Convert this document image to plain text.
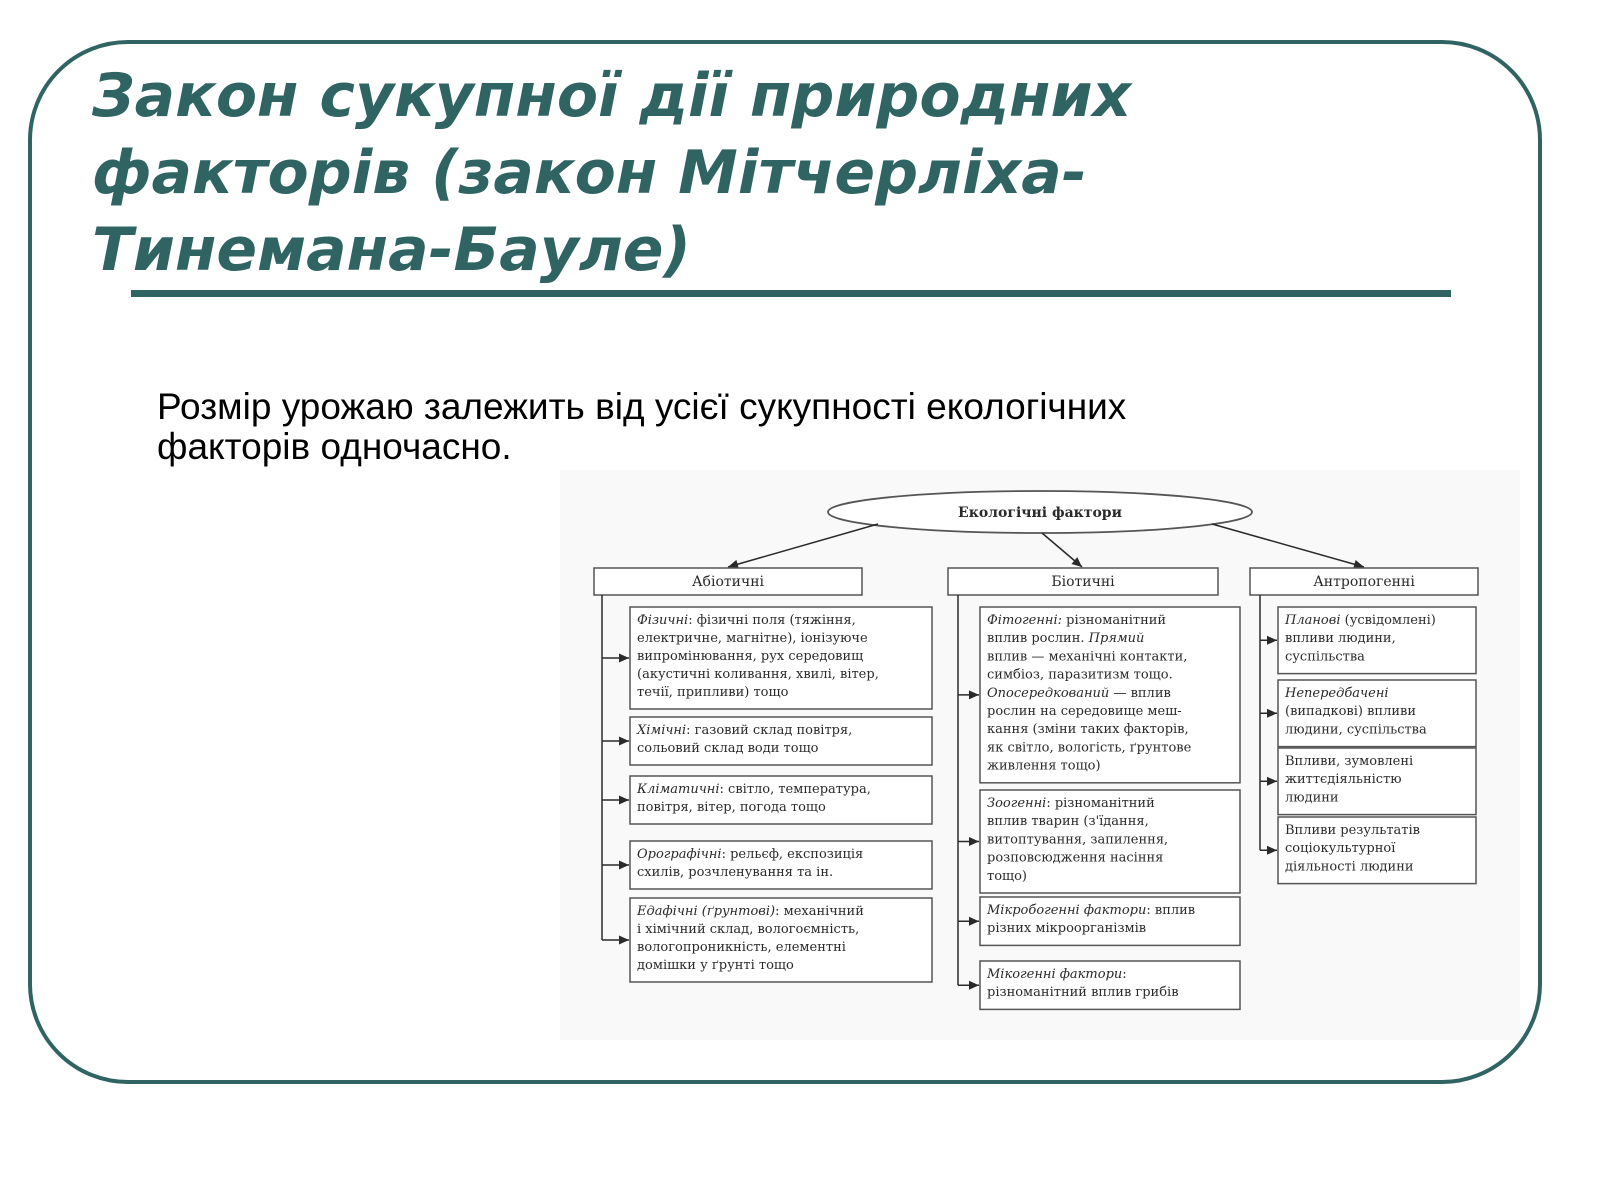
Закон сукупної дії природних
факторів (закон Мітчерліха-
Тинемана-Бауле)

Розмір урожаю залежить від усієї сукупності екологічних
факторів одночасно.

Екологічні фактори
Абіотичні
Фізичні: фізичні поля (тяжіння,
електричне, магнітне), іонізуюче
випромінювання, рух середовищ
(акустичні коливання, хвилі, вітер,
течії, припливи) тощо
Хімічні: газовий склад повітря,
сольовий склад води тощо
Кліматичні: світло, температура,
повітря, вітер, погода тощо
Орографічні: рельєф, експозиція
схилів, розчленування та ін.
Едафічні (ґрунтові): механічний
і хімічний склад, вологоємність,
вологопроникність, елементні
домішки у ґрунті тощо
Біотичні
Фітогенні: різноманітний
вплив рослин. Прямий
вплив — механічні контакти,
симбіоз, паразитизм тощо.
Опосередкований — вплив
рослин на середовище меш-
кання (зміни таких факторів,
як світло, вологість, ґрунтове
живлення тощо)
Зоогенні: різноманітний
вплив тварин (з'їдання,
витоптування, запилення,
розповсюдження насіння
тощо)
Мікробогенні фактори: вплив
різних мікроорганізмів
Мікогенні фактори:
різноманітний вплив грибів
Антропогенні
Планові (усвідомлені)
впливи людини,
суспільства
Непередбачені
(випадкові) впливи
людини, суспільства
Впливи, зумовлені
життєдіяльністю
людини
Впливи результатів
соціокультурної
діяльності людини
